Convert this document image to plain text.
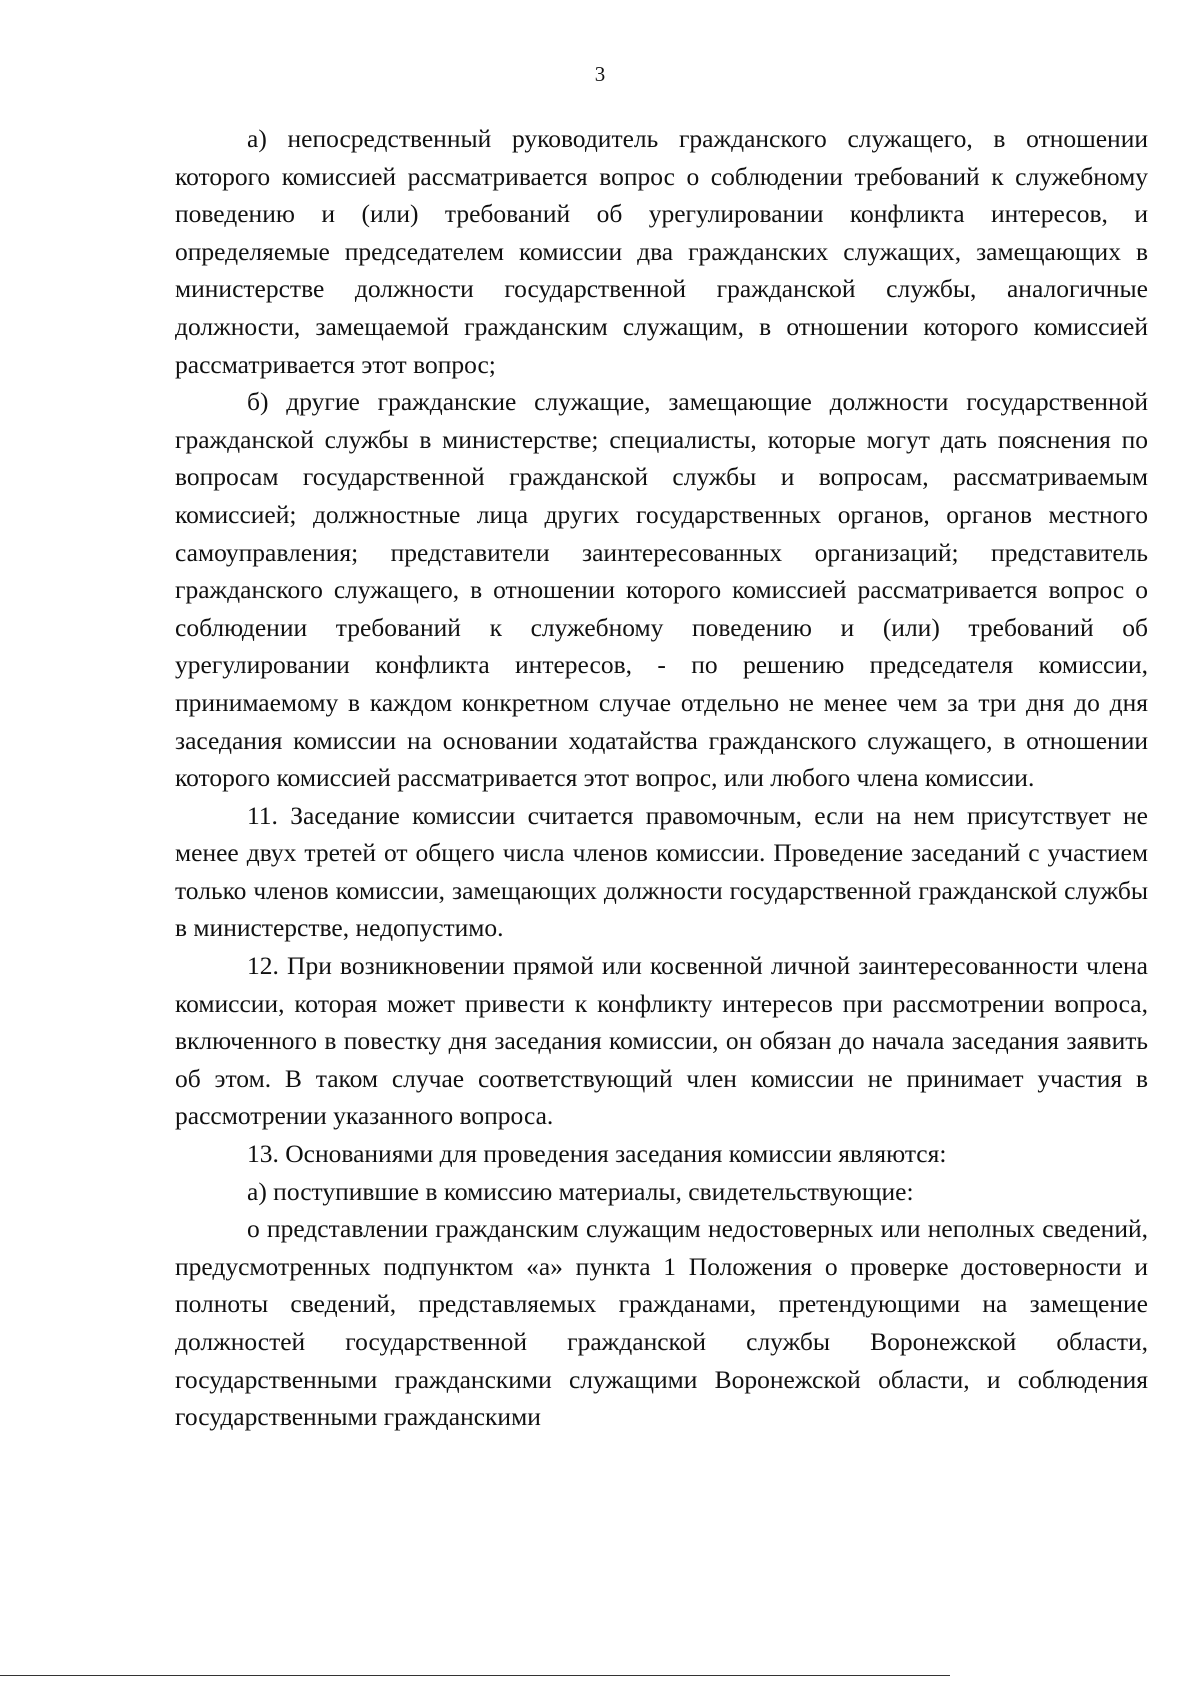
3

а) непосредственный руководитель гражданского служащего, в отношении которого комиссией рассматривается вопрос о соблюдении требований к служебному поведению и (или) требований об урегулировании конфликта интересов, и определяемые председателем комиссии два гражданских служащих, замещающих в министерстве должности государственной гражданской службы, аналогичные должности, замещаемой гражданским служащим, в отношении которого комиссией рассматривается этот вопрос;

б) другие гражданские служащие, замещающие должности государственной гражданской службы в министерстве; специалисты, которые могут дать пояснения по вопросам государственной гражданской службы и вопросам, рассматриваемым комиссией; должностные лица других государственных органов, органов местного самоуправления; представители заинтересованных организаций; представитель гражданского служащего, в отношении которого комиссией рассматривается вопрос о соблюдении требований к служебному поведению и (или) требований об урегулировании конфликта интересов, - по решению председателя комиссии, принимаемому в каждом конкретном случае отдельно не менее чем за три дня до дня заседания комиссии на основании ходатайства гражданского служащего, в отношении которого комиссией рассматривается этот вопрос, или любого члена комиссии.

11. Заседание комиссии считается правомочным, если на нем присутствует не менее двух третей от общего числа членов комиссии. Проведение заседаний с участием только членов комиссии, замещающих должности государственной гражданской службы в министерстве, недопустимо.

12. При возникновении прямой или косвенной личной заинтересованности члена комиссии, которая может привести к конфликту интересов при рассмотрении вопроса, включенного в повестку дня заседания комиссии, он обязан до начала заседания заявить об этом. В таком случае соответствующий член комиссии не принимает участия в рассмотрении указанного вопроса.

13. Основаниями для проведения заседания комиссии являются:

а) поступившие в комиссию материалы, свидетельствующие:

о представлении гражданским служащим недостоверных или неполных сведений, предусмотренных подпунктом «а» пункта 1 Положения о проверке достоверности и полноты сведений, представляемых гражданами, претендующими на замещение должностей государственной гражданской службы Воронежской области, государственными гражданскими служащими Воронежской области, и соблюдения государственными гражданскими
